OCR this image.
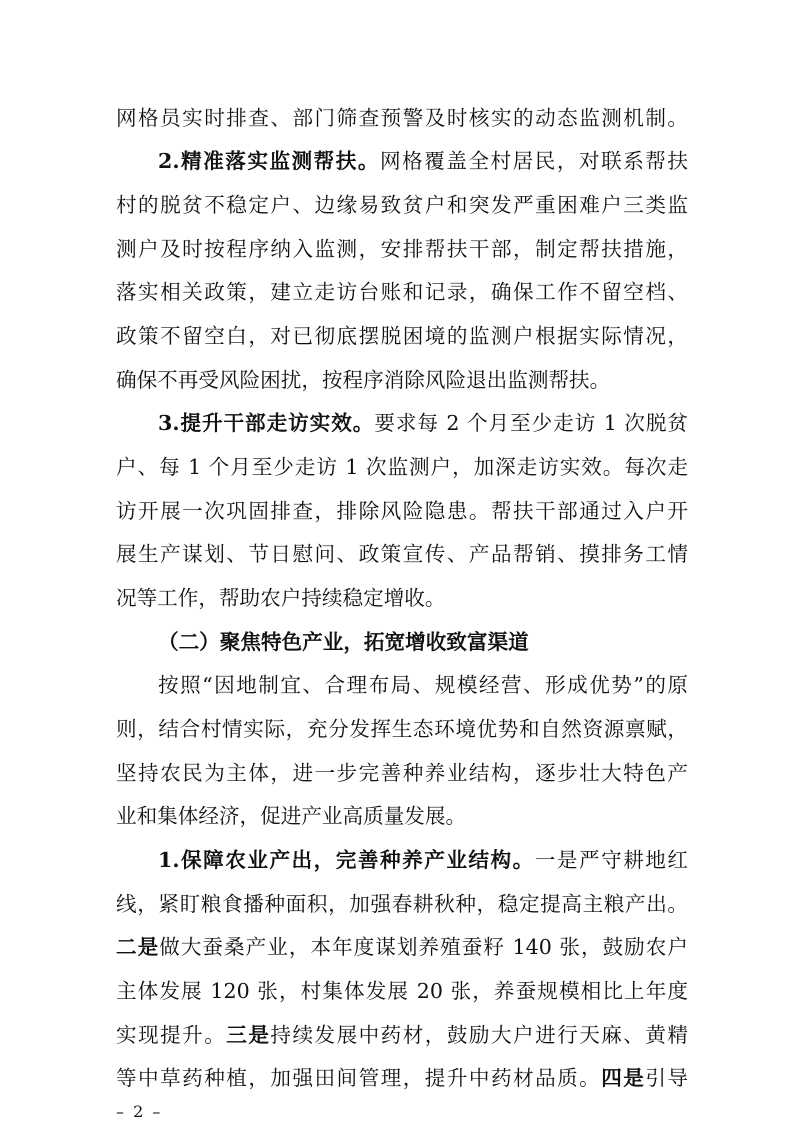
网格员实时排查、部门筛查预警及时核实的动态监测机制。
2.精准落实监测帮扶。网格覆盖全村居民，对联系帮扶
村的脱贫不稳定户、边缘易致贫户和突发严重困难户三类监
测户及时按程序纳入监测，安排帮扶干部，制定帮扶措施，
落实相关政策，建立走访台账和记录，确保工作不留空档、
政策不留空白，对已彻底摆脱困境的监测户根据实际情况，
确保不再受风险困扰，按程序消除风险退出监测帮扶。
3.提升干部走访实效。要求每 2 个月至少走访 1 次脱贫
户、每 1 个月至少走访 1 次监测户，加深走访实效。每次走
访开展一次巩固排查，排除风险隐患。帮扶干部通过入户开
展生产谋划、节日慰问、政策宣传、产品帮销、摸排务工情
况等工作，帮助农户持续稳定增收。
（二）聚焦特色产业，拓宽增收致富渠道
按照“因地制宜、合理布局、规模经营、形成优势”的原
则，结合村情实际，充分发挥生态环境优势和自然资源禀赋，
坚持农民为主体，进一步完善种养业结构，逐步壮大特色产
业和集体经济，促进产业高质量发展。
1.保障农业产出，完善种养产业结构。一是严守耕地红
线，紧盯粮食播种面积，加强春耕秋种，稳定提高主粮产出。
二是做大蚕桑产业，本年度谋划养殖蚕籽 140 张，鼓励农户
主体发展 120 张，村集体发展 20 张，养蚕规模相比上年度
实现提升。三是持续发展中药材，鼓励大户进行天麻、黄精
等中草药种植，加强田间管理，提升中药材品质。四是引导
– 2 –
